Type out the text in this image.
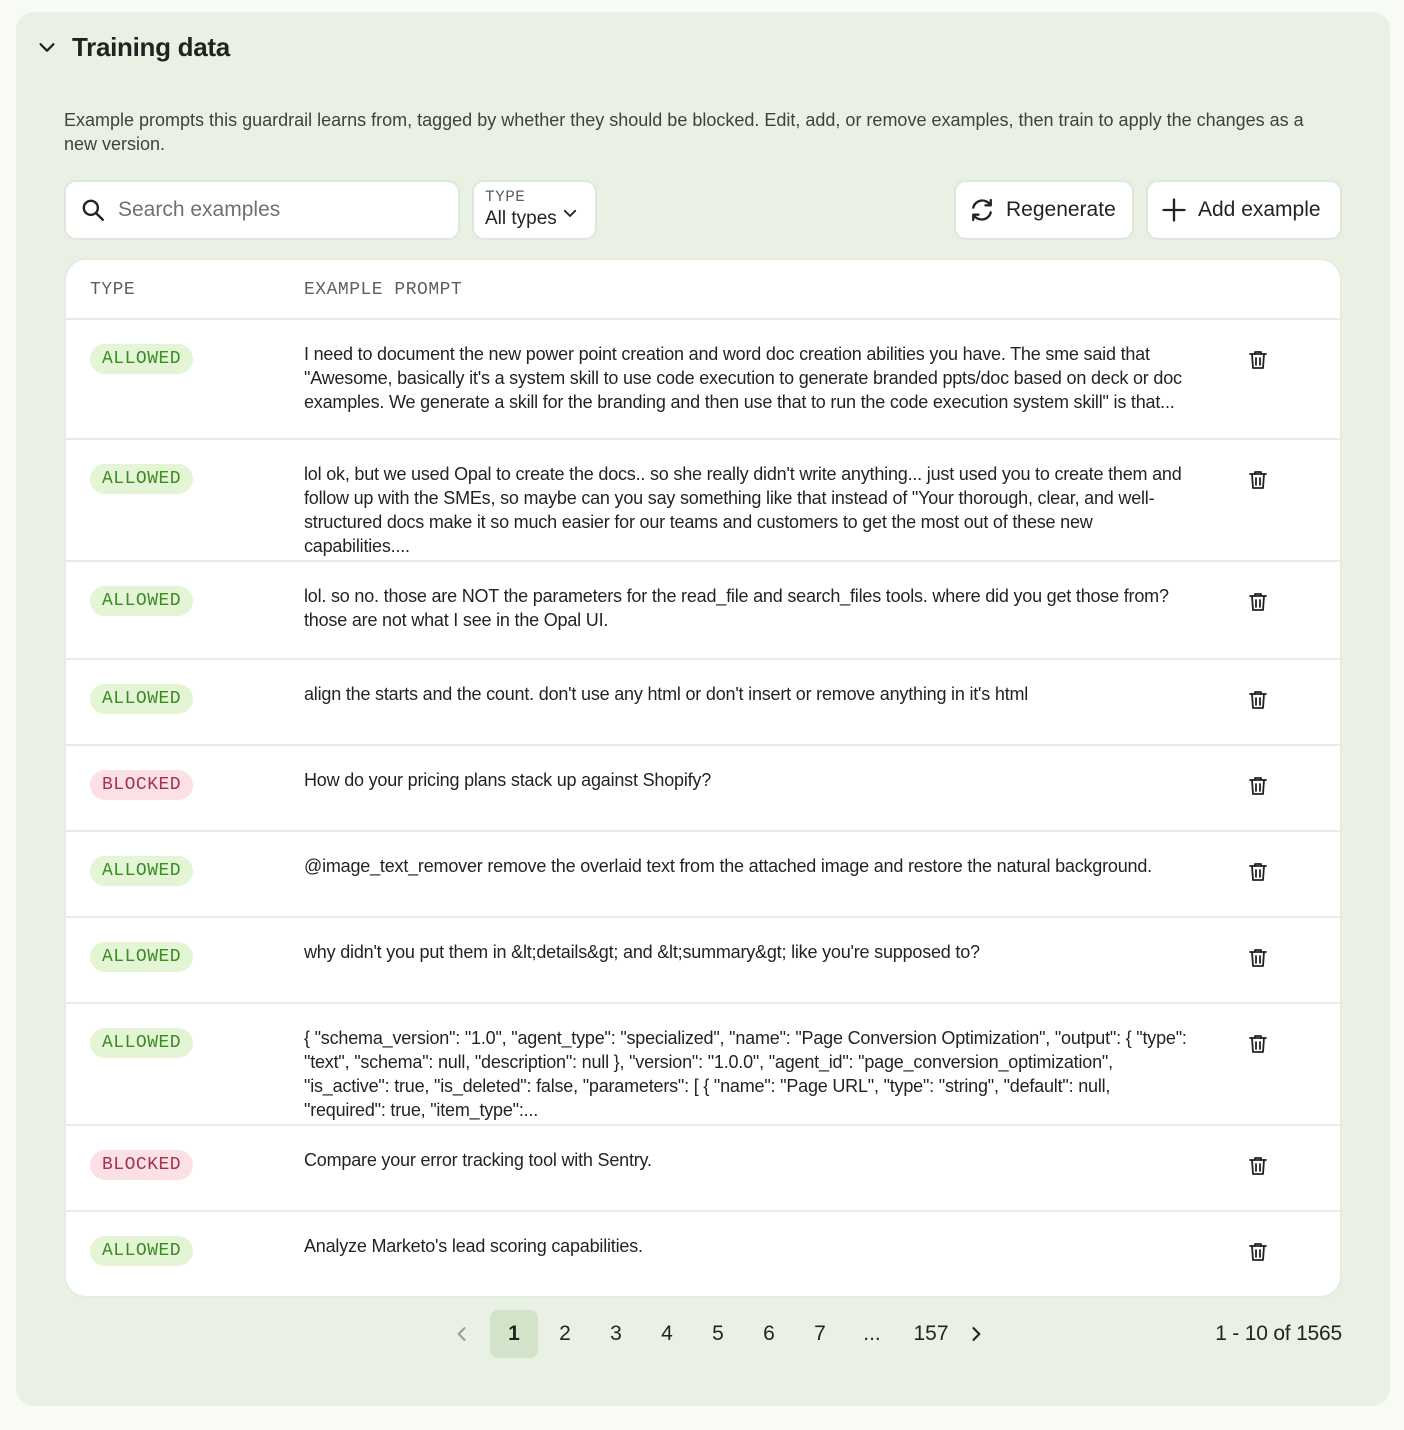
Training data

Example prompts this guardrail learns from, tagged by whether they should be blocked. Edit, add, or remove examples, then train to apply the changes as a new version.

Search examples
TYPE
All types	Regenerate	Add example
TYPE	EXAMPLE PROMPT
ALLOWED	I need to document the new power point creation and word doc creation abilities you have. The sme said that "Awesome, basically it's a system skill to use code execution to generate branded ppts/doc based on deck or doc examples. We generate a skill for the branding and then use that to run the code execution system skill" is that...
ALLOWED	lol ok, but we used Opal to create the docs.. so she really didn't write anything... just used you to create them and follow up with the SMEs, so maybe can you say something like that instead of "Your thorough, clear, and well-structured docs make it so much easier for our teams and customers to get the most out of these new capabilities....
ALLOWED	lol. so no. those are NOT the parameters for the read_file and search_files tools. where did you get those from? those are not what I see in the Opal UI.
ALLOWED	align the starts and the count. don't use any html or don't insert or remove anything in it's html
BLOCKED	How do your pricing plans stack up against Shopify?
ALLOWED	@image_text_remover remove the overlaid text from the attached image and restore the natural background.
ALLOWED	why didn't you put them in &lt;details&gt; and &lt;summary&gt; like you're supposed to?
ALLOWED	{ "schema_version": "1.0", "agent_type": "specialized", "name": "Page Conversion Optimization", "output": { "type": "text", "schema": null, "description": null }, "version": "1.0.0", "agent_id": "page_conversion_optimization", "is_active": true, "is_deleted": false, "parameters": [ { "name": "Page URL", "type": "string", "default": null, "required": true, "item_type":...
BLOCKED	Compare your error tracking tool with Sentry.
ALLOWED	Analyze Marketo's lead scoring capabilities.
1	2	3	4	5	6	7	...	157	1 - 10 of 1565
